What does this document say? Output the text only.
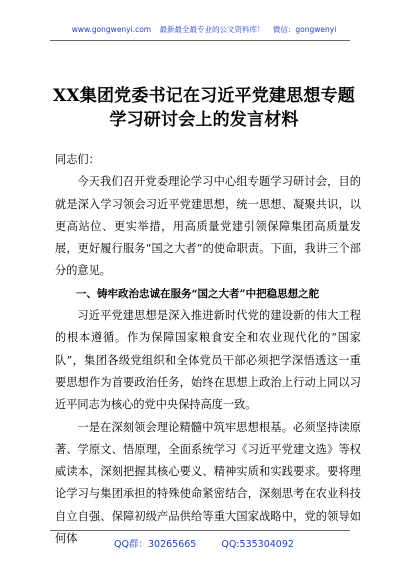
www.gongwenyi.com 最新最全最专业的公文资料库！ 微信：gongwenyi
XX集团党委书记在习近平党建思想专题
学习研讨会上的发言材料

同志们：

今天我们召开党委理论学习中心组专题学习研讨会，目的就是深入学习领会习近平党建思想，统一思想、凝聚共识，以更高站位、更实举措，用高质量党建引领保障集团高质量发展，更好履行服务“国之大者”的使命职责。下面，我讲三个部分的意见。

一、铸牢政治忠诚在服务“国之大者”中把稳思想之舵

习近平党建思想是深入推进新时代党的建设新的伟大工程的根本遵循。作为保障国家粮食安全和农业现代化的“国家队”，集团各级党组织和全体党员干部必须把学深悟透这一重要思想作为首要政治任务，始终在思想上政治上行动上同以习近平同志为核心的党中央保持高度一致。

一是在深刻领会理论精髓中筑牢思想根基。必须坚持读原著、学原文、悟原理，全面系统学习《习近平党建文选》等权威读本，深刻把握其核心要义、精神实质和实践要求。要将理论学习与集团承担的特殊使命紧密结合，深刻思考在农业科技自立自强、保障初级产品供给等重大国家战略中，党的领导如何体	QQ群：30265665	QQ:535304092
